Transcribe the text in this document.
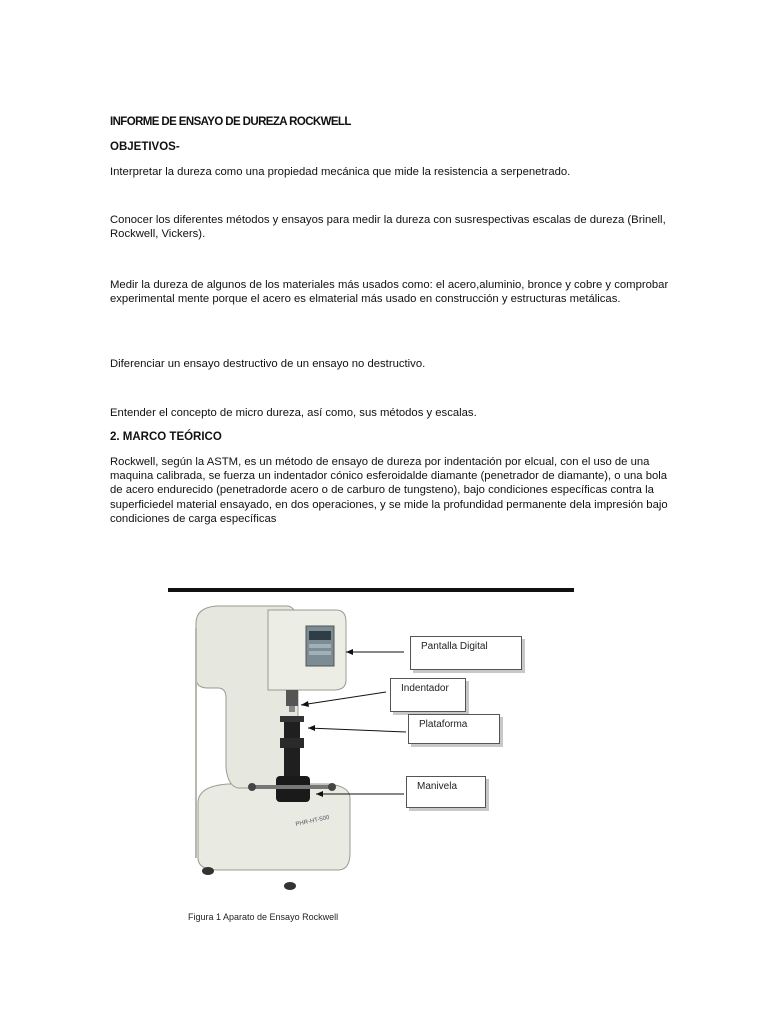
INFORME DE ENSAYO DE DUREZA ROCKWELL
OBJETIVOS-

Interpretar la dureza como una propiedad mecánica que mide la resistencia a serpenetrado.

Conocer los diferentes métodos y ensayos para medir la dureza con susrespectivas escalas de dureza (Brinell, Rockwell, Vickers).

Medir la dureza de algunos de los materiales más usados como: el acero,aluminio, bronce y cobre y comprobar experimental mente porque el acero es elmaterial más usado en construcción y estructuras metálicas.

Diferenciar un ensayo destructivo de un ensayo no destructivo.

Entender el concepto de micro dureza, así como, sus métodos y escalas.

2. MARCO TEÓRICO

Rockwell, según la ASTM, es un método de ensayo de dureza por indentación por elcual, con el uso de una maquina calibrada, se fuerza un indentador cónico esferoidalde diamante (penetrador de diamante), o una bola de acero endurecido (penetradorde acero o de carburo de tungsteno), bajo condiciones específicas contra la superficiedel material ensayado, en dos operaciones, y se mide la profundidad permanente dela impresión bajo condiciones de carga específicas

PHR-HT-500
Pantalla Digital
Indentador
Plataforma
Manivela
Figura 1 Aparato de Ensayo Rockwell
